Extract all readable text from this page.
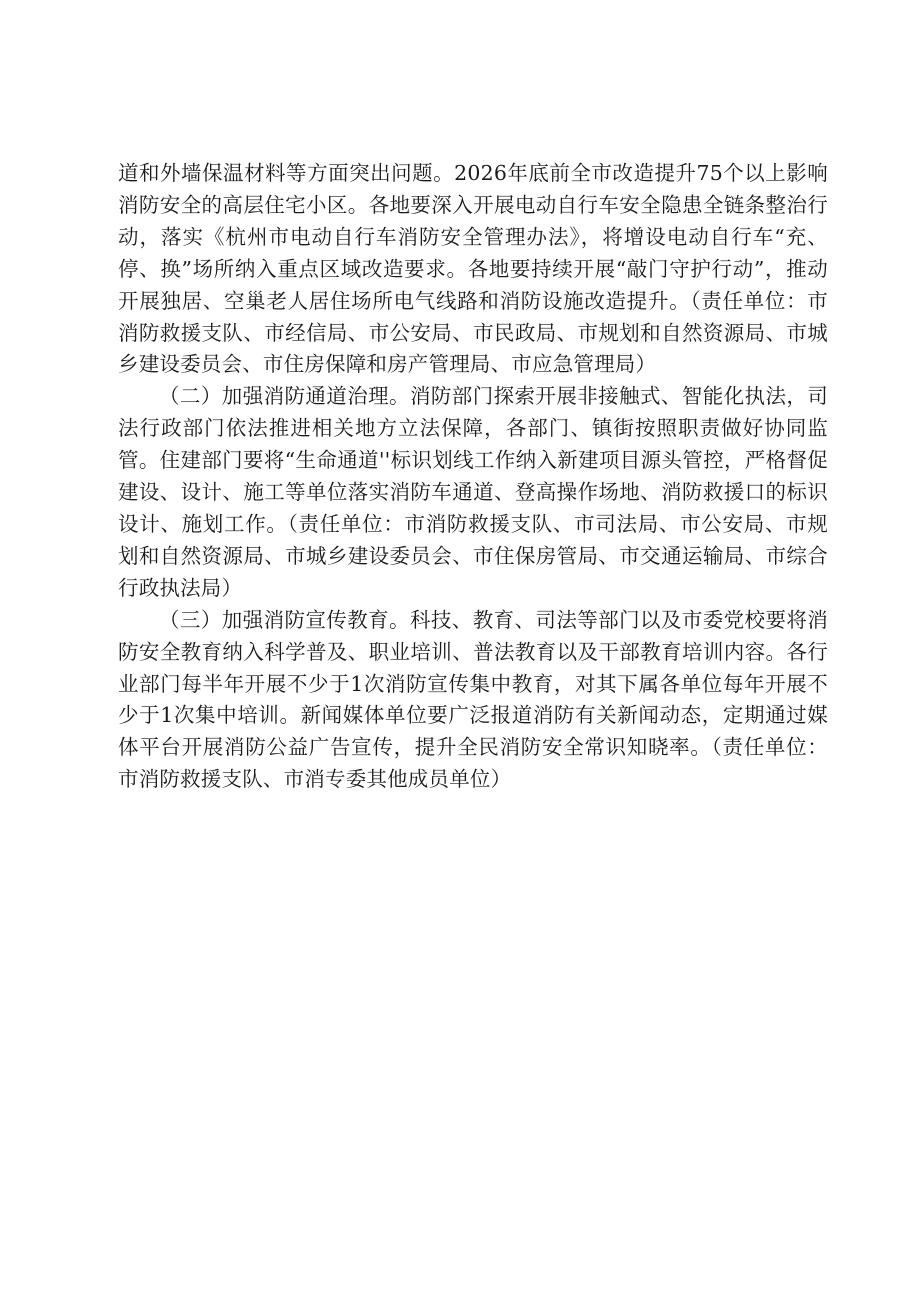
道和外墙保温材料等方面突出问题。2026年底前全市改造提升75个以上影响消防安全的高层住宅小区。各地要深入开展电动自行车安全隐患全链条整治行动，落实《杭州市电动自行车消防安全管理办法》，将增设电动自行车“充、停、换”场所纳入重点区域改造要求。各地要持续开展“敲门守护行动”，推动开展独居、空巢老人居住场所电气线路和消防设施改造提升。（责任单位：市消防救援支队、市经信局、市公安局、市民政局、市规划和自然资源局、市城乡建设委员会、市住房保障和房产管理局、市应急管理局）

（二）加强消防通道治理。消防部门探索开展非接触式、智能化执法，司法行政部门依法推进相关地方立法保障，各部门、镇街按照职责做好协同监管。住建部门要将“生命通道''标识划线工作纳入新建项目源头管控，严格督促建设、设计、施工等单位落实消防车通道、登高操作场地、消防救援口的标识设计、施划工作。（责任单位：市消防救援支队、市司法局、市公安局、市规划和自然资源局、市城乡建设委员会、市住保房管局、市交通运输局、市综合行政执法局）

（三）加强消防宣传教育。科技、教育、司法等部门以及市委党校要将消防安全教育纳入科学普及、职业培训、普法教育以及干部教育培训内容。各行业部门每半年开展不少于1次消防宣传集中教育，对其下属各单位每年开展不少于1次集中培训。新闻媒体单位要广泛报道消防有关新闻动态，定期通过媒体平台开展消防公益广告宣传，提升全民消防安全常识知晓率。（责任单位：市消防救援支队、市消专委其他成员单位）
